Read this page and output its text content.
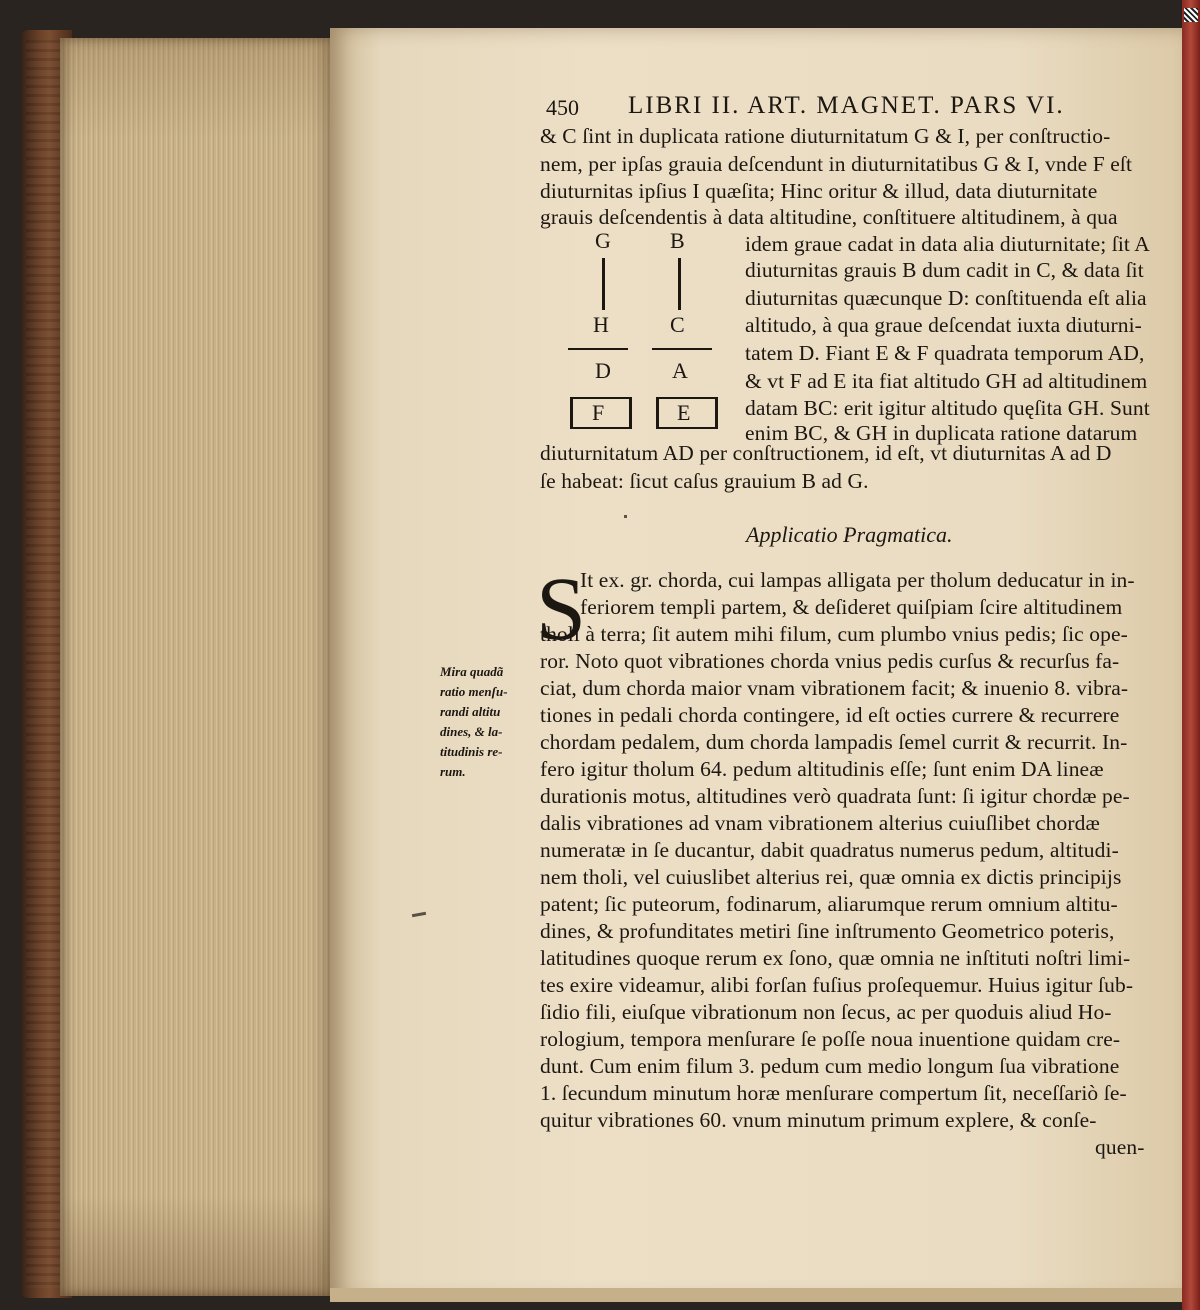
450 LIBRI II. ART. MAGNET. PARS VI.
& C ſint in duplicata ratione diuturnitatum G & I, per conſtructio-
nem, per ipſas grauia deſcendunt in diuturnitatibus G & I, vnde F eſt
diuturnitas ipſius I quæſita; Hinc oritur & illud, data diuturnitate
grauis deſcendentis à data altitudine, conſtituere altitudinem, à qua
G	B
H	C
D	A
F	E
idem graue cadat in data alia diuturnitate; ſit A
diuturnitas grauis B dum cadit in C, & data ſit
diuturnitas quæcunque D: conſtituenda eſt alia
altitudo, à qua graue deſcendat iuxta diuturni-
tatem D. Fiant E & F quadrata temporum AD,
& vt F ad E ita fiat altitudo GH ad altitudinem
datam BC: erit igitur altitudo quęſita GH. Sunt
enim BC, & GH in duplicata ratione datarum
diuturnitatum AD per conſtructionem, id eſt, vt diuturnitas A ad D
ſe habeat: ſicut caſus grauium B ad G.
Applicatio Pragmatica.
S
It ex. gr. chorda, cui lampas alligata per tholum deducatur in in-
feriorem templi partem, & deſideret quiſpiam ſcire altitudinem
tholi à terra; ſit autem mihi filum, cum plumbo vnius pedis; ſic ope-
ror. Noto quot vibrationes chorda vnius pedis curſus & recurſus fa-
ciat, dum chorda maior vnam vibrationem facit; & inuenio 8. vibra-
tiones in pedali chorda contingere, id eſt octies currere & recurrere
chordam pedalem, dum chorda lampadis ſemel currit & recurrit. In-
fero igitur tholum 64. pedum altitudinis eſſe; ſunt enim DA lineæ
durationis motus, altitudines verò quadrata ſunt: ſi igitur chordæ pe-
dalis vibrationes ad vnam vibrationem alterius cuiuſlibet chordæ
numeratæ in ſe ducantur, dabit quadratus numerus pedum, altitudi-
nem tholi, vel cuiuslibet alterius rei, quæ omnia ex dictis principijs
patent; ſic puteorum, fodinarum, aliarumque rerum omnium altitu-
dines, & profunditates metiri ſine inſtrumento Geometrico poteris,
latitudines quoque rerum ex ſono, quæ omnia ne inſtituti noſtri limi-
tes exire videamur, alibi forſan fuſius proſequemur. Huius igitur ſub-
ſidio fili, eiuſque vibrationum non ſecus, ac per quoduis aliud Ho-
rologium, tempora menſurare ſe poſſe noua inuentione quidam cre-
dunt. Cum enim filum 3. pedum cum medio longum ſua vibratione
1. ſecundum minutum horæ menſurare compertum ſit, neceſſariò ſe-
quitur vibrationes 60. vnum minutum primum explere, & conſe-
quen-
Mira quadã
ratio menſu-
randi altitu
dines, & la-
titudinis re-
rum.
